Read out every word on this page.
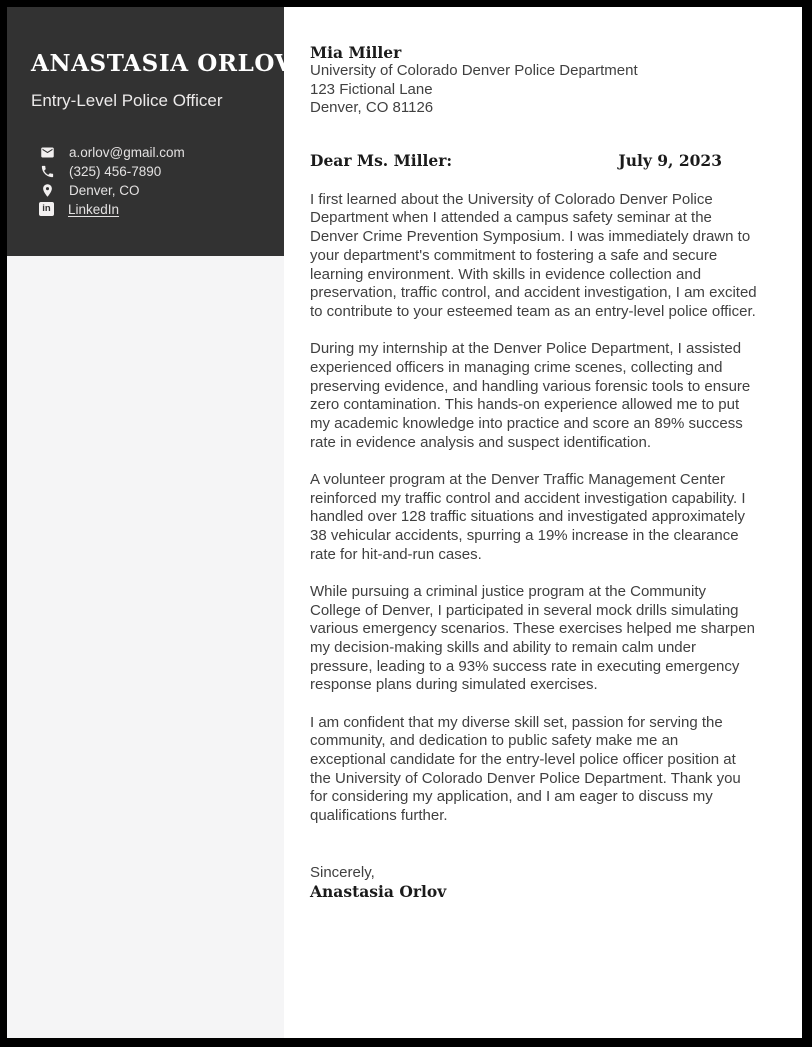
ANASTASIA ORLOV
Entry-Level Police Officer
a.orlov@gmail.com
(325) 456-7890
Denver, CO
in LinkedIn
Mia Miller
University of Colorado Denver Police Department
123 Fictional Lane
Denver, CO 81126
Dear Ms. Miller:	July 9, 2023

I first learned about the University of Colorado Denver Police Department when I attended a campus safety seminar at the Denver Crime Prevention Symposium. I was immediately drawn to your department's commitment to fostering a safe and secure learning environment. With skills in evidence collection and preservation, traffic control, and accident investigation, I am excited to contribute to your esteemed team as an entry-level police officer.

During my internship at the Denver Police Department, I assisted experienced officers in managing crime scenes, collecting and preserving evidence, and handling various forensic tools to ensure zero contamination. This hands-on experience allowed me to put my academic knowledge into practice and score an 89% success rate in evidence analysis and suspect identification.

A volunteer program at the Denver Traffic Management Center reinforced my traffic control and accident investigation capability. I handled over 128 traffic situations and investigated approximately 38 vehicular accidents, spurring a 19% increase in the clearance rate for hit-and-run cases.

While pursuing a criminal justice program at the Community College of Denver, I participated in several mock drills simulating various emergency scenarios. These exercises helped me sharpen my decision-making skills and ability to remain calm under pressure, leading to a 93% success rate in executing emergency response plans during simulated exercises.

I am confident that my diverse skill set, passion for serving the community, and dedication to public safety make me an exceptional candidate for the entry-level police officer position at the University of Colorado Denver Police Department. Thank you for considering my application, and I am eager to discuss my qualifications further.

Sincerely,
Anastasia Orlov
